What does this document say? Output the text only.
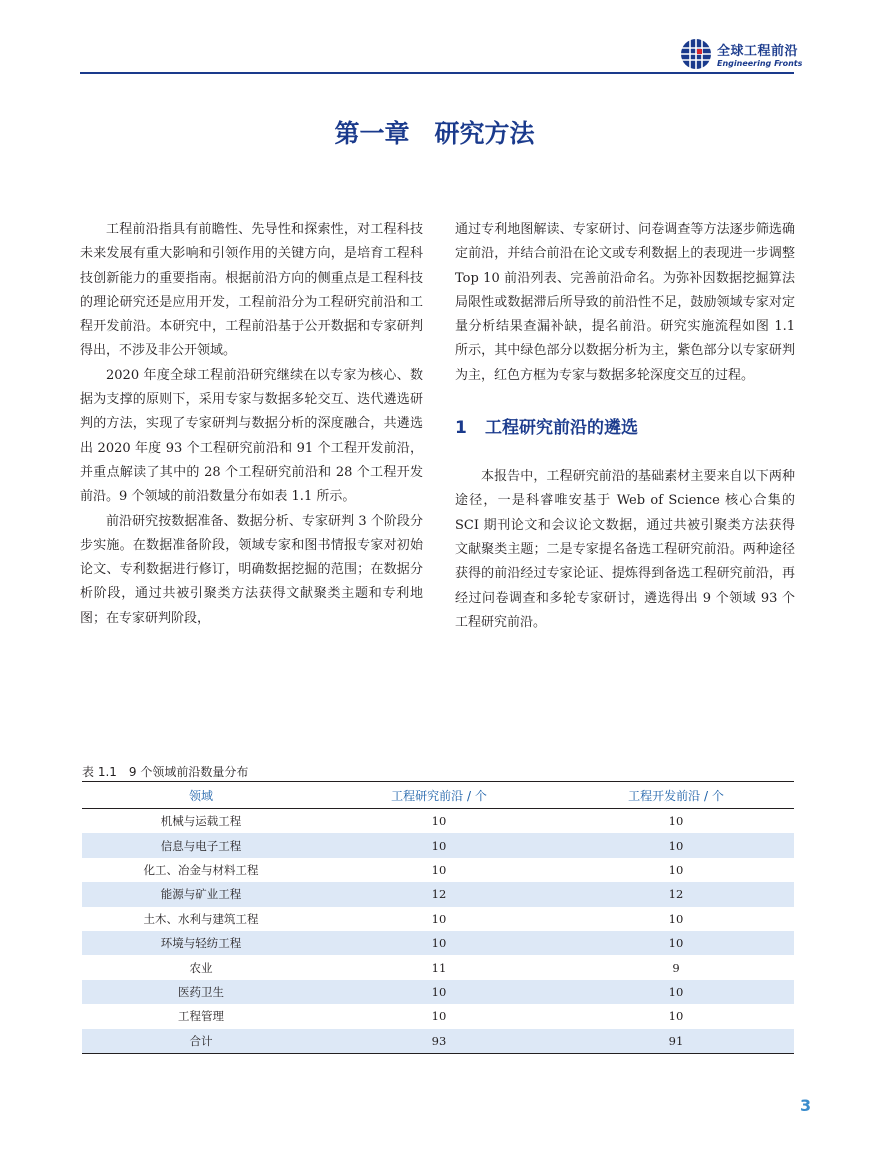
全球工程前沿
Engineering Fronts
第一章　研究方法

工程前沿指具有前瞻性、先导性和探索性，对工程科技未来发展有重大影响和引领作用的关键方向，是培育工程科技创新能力的重要指南。根据前沿方向的侧重点是工程科技的理论研究还是应用开发，工程前沿分为工程研究前沿和工程开发前沿。本研究中，工程前沿基于公开数据和专家研判得出，不涉及非公开领域。

2020 年度全球工程前沿研究继续在以专家为核心、数据为支撑的原则下，采用专家与数据多轮交互、迭代遴选研判的方法，实现了专家研判与数据分析的深度融合，共遴选出 2020 年度 93 个工程研究前沿和 91 个工程开发前沿，并重点解读了其中的 28 个工程研究前沿和 28 个工程开发前沿。9 个领域的前沿数量分布如表 1.1 所示。

前沿研究按数据准备、数据分析、专家研判 3 个阶段分步实施。在数据准备阶段，领域专家和图书情报专家对初始论文、专利数据进行修订，明确数据挖掘的范围；在数据分析阶段，通过共被引聚类方法获得文献聚类主题和专利地图；在专家研判阶段，

通过专利地图解读、专家研讨、问卷调查等方法逐步筛选确定前沿，并结合前沿在论文或专利数据上的表现进一步调整 Top 10 前沿列表、完善前沿命名。为弥补因数据挖掘算法局限性或数据滞后所导致的前沿性不足，鼓励领域专家对定量分析结果查漏补缺，提名前沿。研究实施流程如图 1.1 所示，其中绿色部分以数据分析为主，紫色部分以专家研判为主，红色方框为专家与数据多轮深度交互的过程。

1 工程研究前沿的遴选

本报告中，工程研究前沿的基础素材主要来自以下两种途径，一是科睿唯安基于 Web of Science 核心合集的 SCI 期刊论文和会议论文数据，通过共被引聚类方法获得文献聚类主题；二是专家提名备选工程研究前沿。两种途径获得的前沿经过专家论证、提炼得到备选工程研究前沿，再经过问卷调查和多轮专家研讨，遴选得出 9 个领域 93 个工程研究前沿。

表 1.1　9 个领域前沿数量分布
领域	工程研究前沿 / 个	工程开发前沿 / 个
机械与运载工程	10	10
信息与电子工程	10	10
化工、冶金与材料工程	10	10
能源与矿业工程	12	12
土木、水利与建筑工程	10	10
环境与轻纺工程	10	10
农业	11	9
医药卫生	10	10
工程管理	10	10
合计	93	91
3
